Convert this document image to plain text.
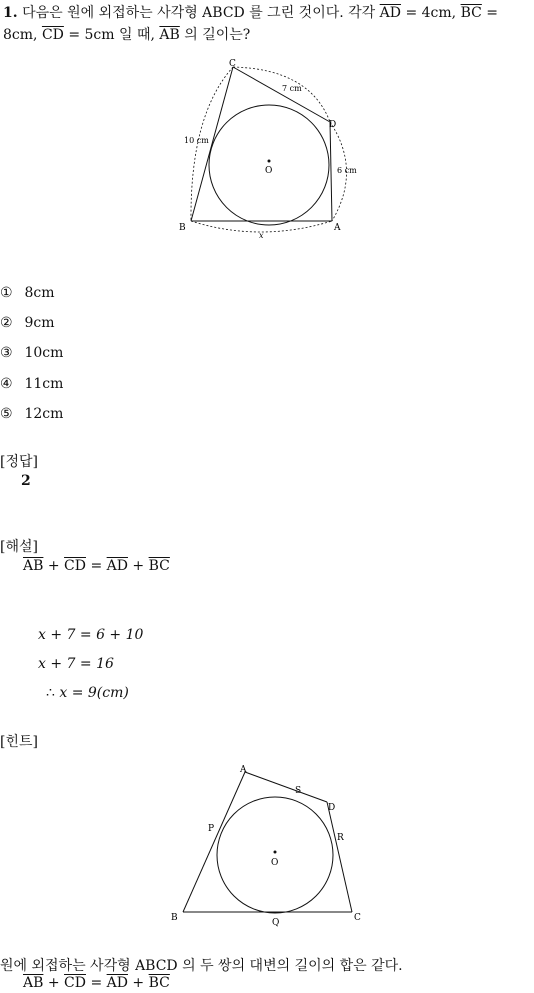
1. 다음은 원에 외접하는 사각형 ABCD 를 그린 것이다. 각각 $\overline{AD} = 4cm$, $\overline{BC}$ =
8cm, $\overline{CD} = 5cm$ 일 때, $\overline{AB}$ 의 길이는?
C
D
B	A
O
7 cm
10 cm
6 cm
x
① 8cm
② 9cm
③ 10cm
④ 11cm
⑤ 12cm
[정답]
2
[해설]
$\overline{AB} + \overline{CD} = \overline{AD} + \overline{BC}$
x + 7 = 6 + 10
x + 7 = 16
∴ x = 9(cm)
[힌트]
A
S
D
P
R
O
B	Q	C
원에 외접하는 사각형 ABCD 의 두 쌍의 대변의 길이의 합은 같다.
$\overline{AB} + \overline{CD} = \overline{AD} + \overline{BC}$
